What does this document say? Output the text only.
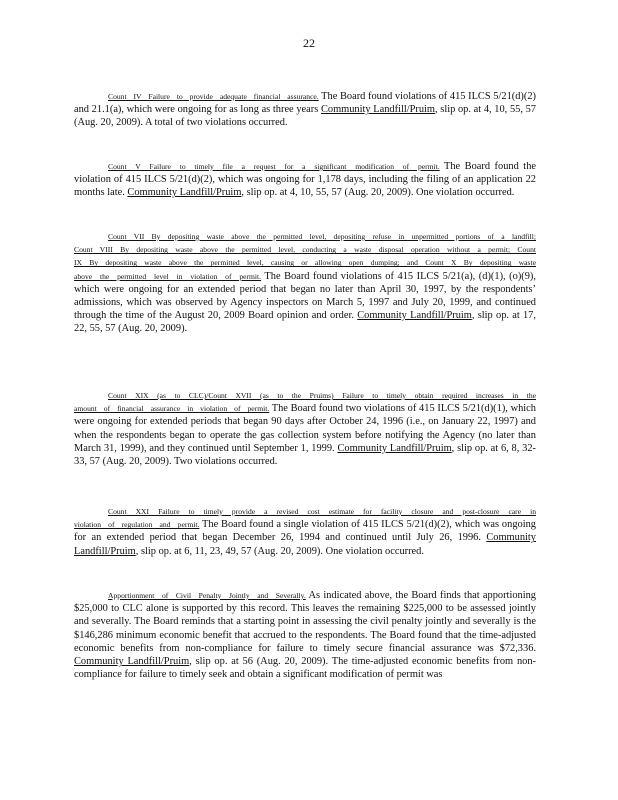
22

Count IV Failure to provide adequate financial assurance. The Board found violations of 415 ILCS 5/21(d)(2) and 21.1(a), which were ongoing for as long as three years Community Landfill/Pruim, slip op. at 4, 10, 55, 57 (Aug. 20, 2009). A total of two violations occurred.

Count V Failure to timely file a request for a significant modification of permit. The Board found the violation of 415 ILCS 5/21(d)(2), which was ongoing for 1,178 days, including the filing of an application 22 months late. Community Landfill/Pruim, slip op. at 4, 10, 55, 57 (Aug. 20, 2009). One violation occurred.

Count VII By depositing waste above the permitted level, depositing refuse in unpermitted portions of a landfill; Count VIII By depositing waste above the permitted level, conducting a waste disposal operation without a permit; Count IX By depositing waste above the permitted level, causing or allowing open dumping; and Count X By depositing waste above the permitted level in violation of permit. The Board found violations of 415 ILCS 5/21(a), (d)(1), (o)(9), which were ongoing for an extended period that began no later than April 30, 1997, by the respondents’ admissions, which was observed by Agency inspectors on March 5, 1997 and July 20, 1999, and continued through the time of the August 20, 2009 Board opinion and order. Community Landfill/Pruim, slip op. at 17, 22, 55, 57 (Aug. 20, 2009).

Count XIX (as to CLC)/Count XVII (as to the Pruims) Failure to timely obtain required increases in the amount of financial assurance in violation of permit. The Board found two violations of 415 ILCS 5/21(d)(1), which were ongoing for extended periods that began 90 days after October 24, 1996 (i.e., on January 22, 1997) and when the respondents began to operate the gas collection system before notifying the Agency (no later than March 31, 1999), and they continued until September 1, 1999. Community Landfill/Pruim, slip op. at 6, 8, 32-33, 57 (Aug. 20, 2009). Two violations occurred.

Count XXI Failure to timely provide a revised cost estimate for facility closure and post-closure care in violation of regulation and permit. The Board found a single violation of 415 ILCS 5/21(d)(2), which was ongoing for an extended period that began December 26, 1994 and continued until July 26, 1996. Community Landfill/Pruim, slip op. at 6, 11, 23, 49, 57 (Aug. 20, 2009). One violation occurred.

Apportionment of Civil Penalty Jointly and Severally. As indicated above, the Board finds that apportioning $25,000 to CLC alone is supported by this record. This leaves the remaining $225,000 to be assessed jointly and severally. The Board reminds that a starting point in assessing the civil penalty jointly and severally is the $146,286 minimum economic benefit that accrued to the respondents. The Board found that the time-adjusted economic benefits from non-compliance for failure to timely secure financial assurance was $72,336. Community Landfill/Pruim, slip op. at 56 (Aug. 20, 2009). The time-adjusted economic benefits from non-compliance for failure to timely seek and obtain a significant modification of permit was
